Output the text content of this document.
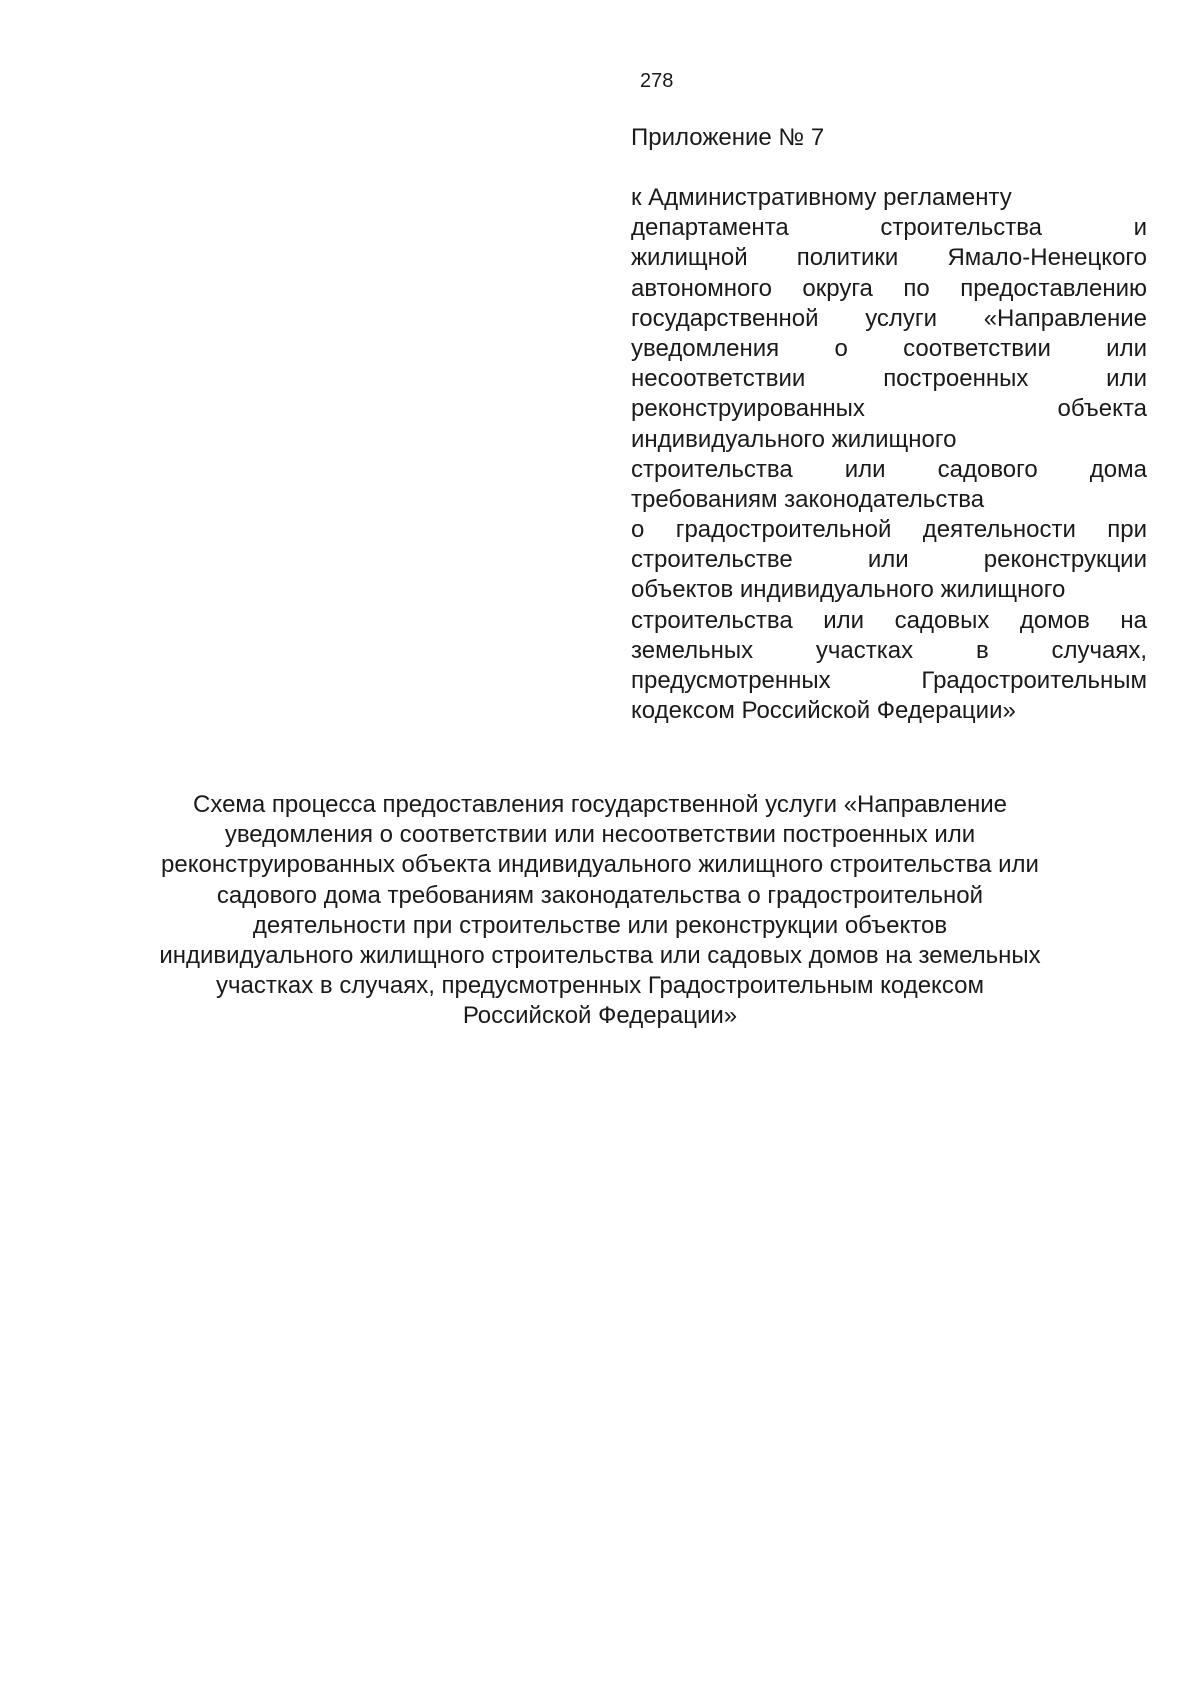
278
Приложение № 7
к Административному регламенту
департамента строительства и
жилищной политики Ямало-Ненецкого
автономного округа по предоставлению
государственной услуги «Направление
уведомления о соответствии или
несоответствии построенных или
реконструированных объекта
индивидуального жилищного
строительства или садового дома
требованиям законодательства
о градостроительной деятельности при
строительстве или реконструкции
объектов индивидуального жилищного
строительства или садовых домов на
земельных участках в случаях,
предусмотренных Градостроительным
кодексом Российской Федерации»
Схема процесса предоставления государственной услуги «Направление
уведомления о соответствии или несоответствии построенных или
реконструированных объекта индивидуального жилищного строительства или
садового дома требованиям законодательства о градостроительной
деятельности при строительстве или реконструкции объектов
индивидуального жилищного строительства или садовых домов на земельных
участках в случаях, предусмотренных Градостроительным кодексом
Российской Федерации»
